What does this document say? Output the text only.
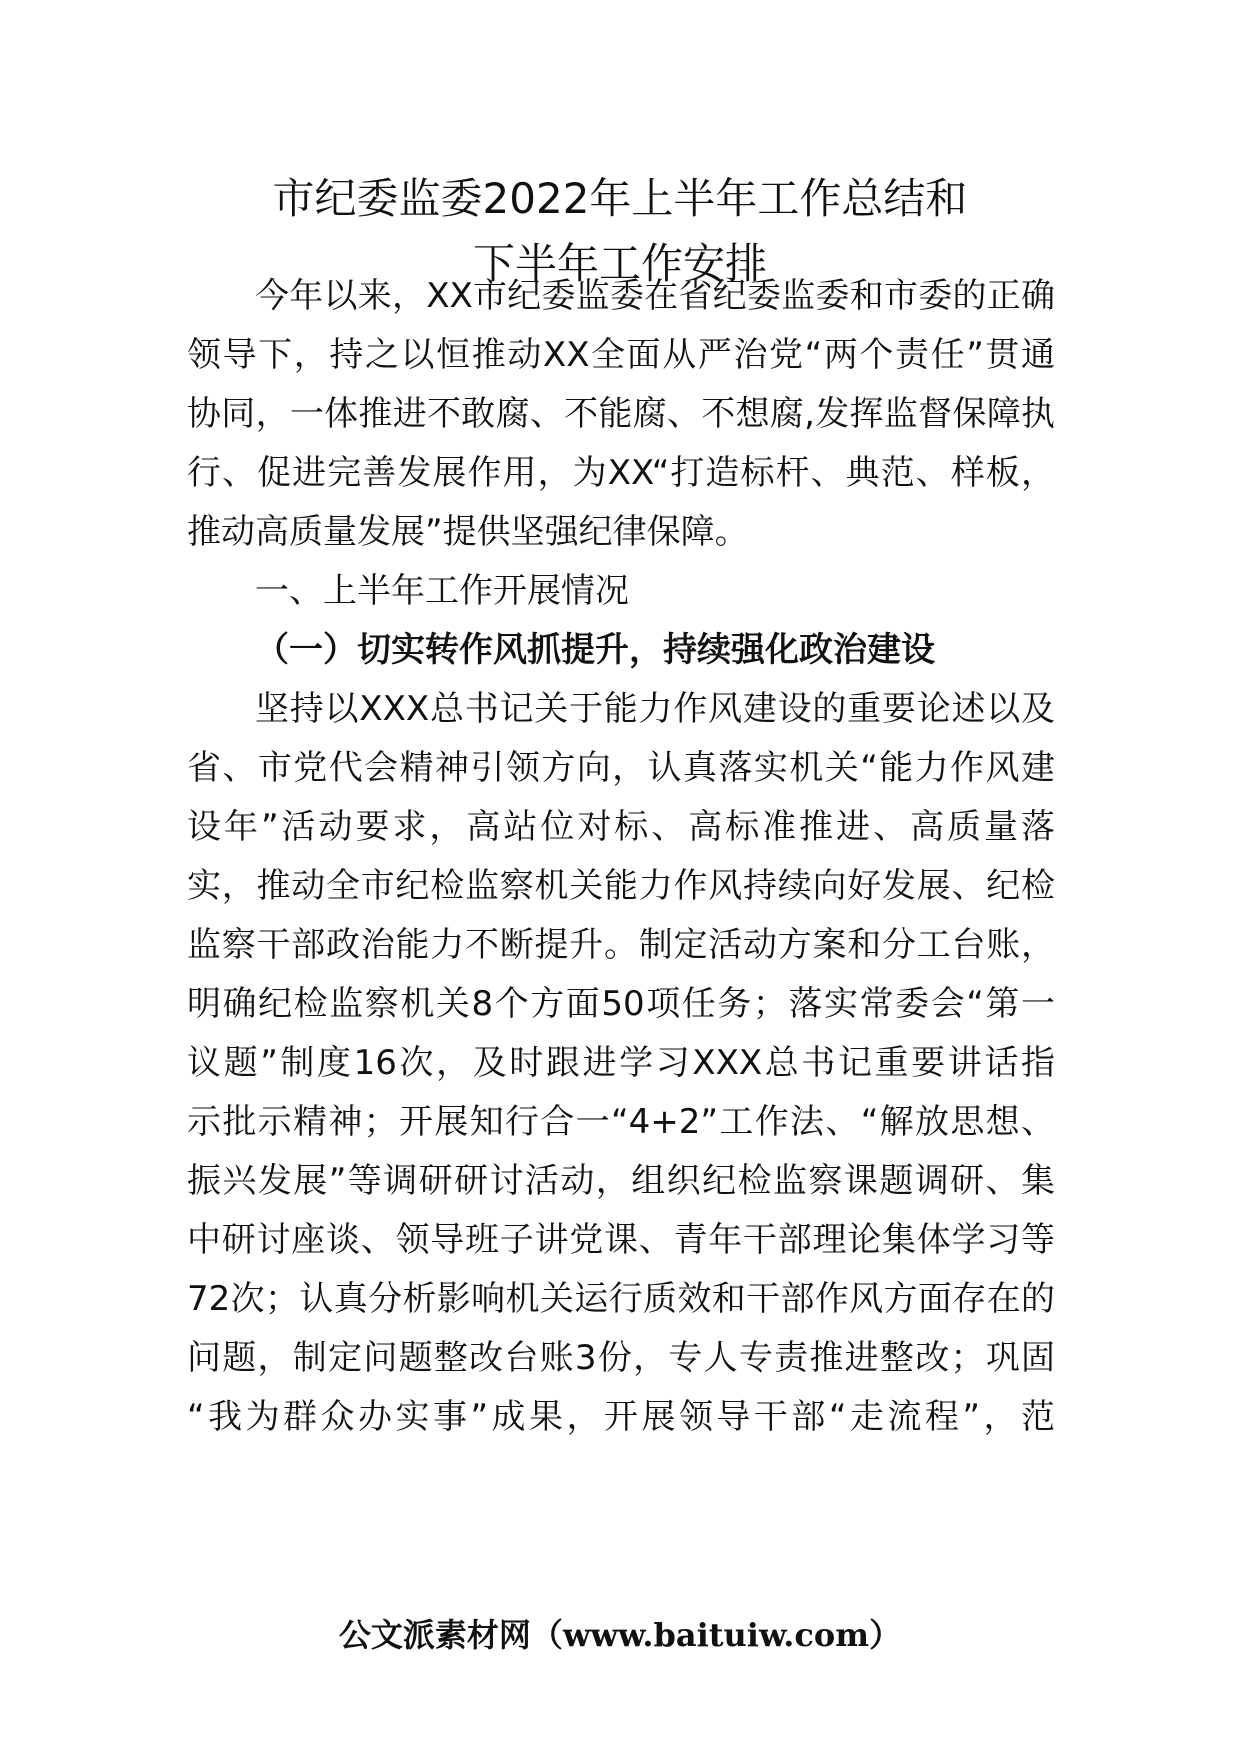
市纪委监委2022年上半年工作总结和
下半年工作安排
今年以来，XX市纪委监委在省纪委监委和市委的正确
领导下，持之以恒推动XX全面从严治党“两个责任”贯通
协同，一体推进不敢腐、不能腐、不想腐,发挥监督保障执
行、促进完善发展作用，为XX“打造标杆、典范、样板，
推动高质量发展”提供坚强纪律保障。
一、上半年工作开展情况
（一）切实转作风抓提升，持续强化政治建设
坚持以XXX总书记关于能力作风建设的重要论述以及
省、市党代会精神引领方向，认真落实机关“能力作风建
设年”活动要求，高站位对标、高标准推进、高质量落
实，推动全市纪检监察机关能力作风持续向好发展、纪检
监察干部政治能力不断提升。制定活动方案和分工台账，
明确纪检监察机关8个方面50项任务；落实常委会“第一
议题”制度16次，及时跟进学习XXX总书记重要讲话指
示批示精神；开展知行合一“4+2”工作法、“解放思想、
振兴发展”等调研研讨活动，组织纪检监察课题调研、集
中研讨座谈、领导班子讲党课、青年干部理论集体学习等
72次；认真分析影响机关运行质效和干部作风方面存在的
问题，制定问题整改台账3份，专人专责推进整改；巩固
“我为群众办实事”成果，开展领导干部“走流程”，范
公文派素材网（www.baituiw.com）
